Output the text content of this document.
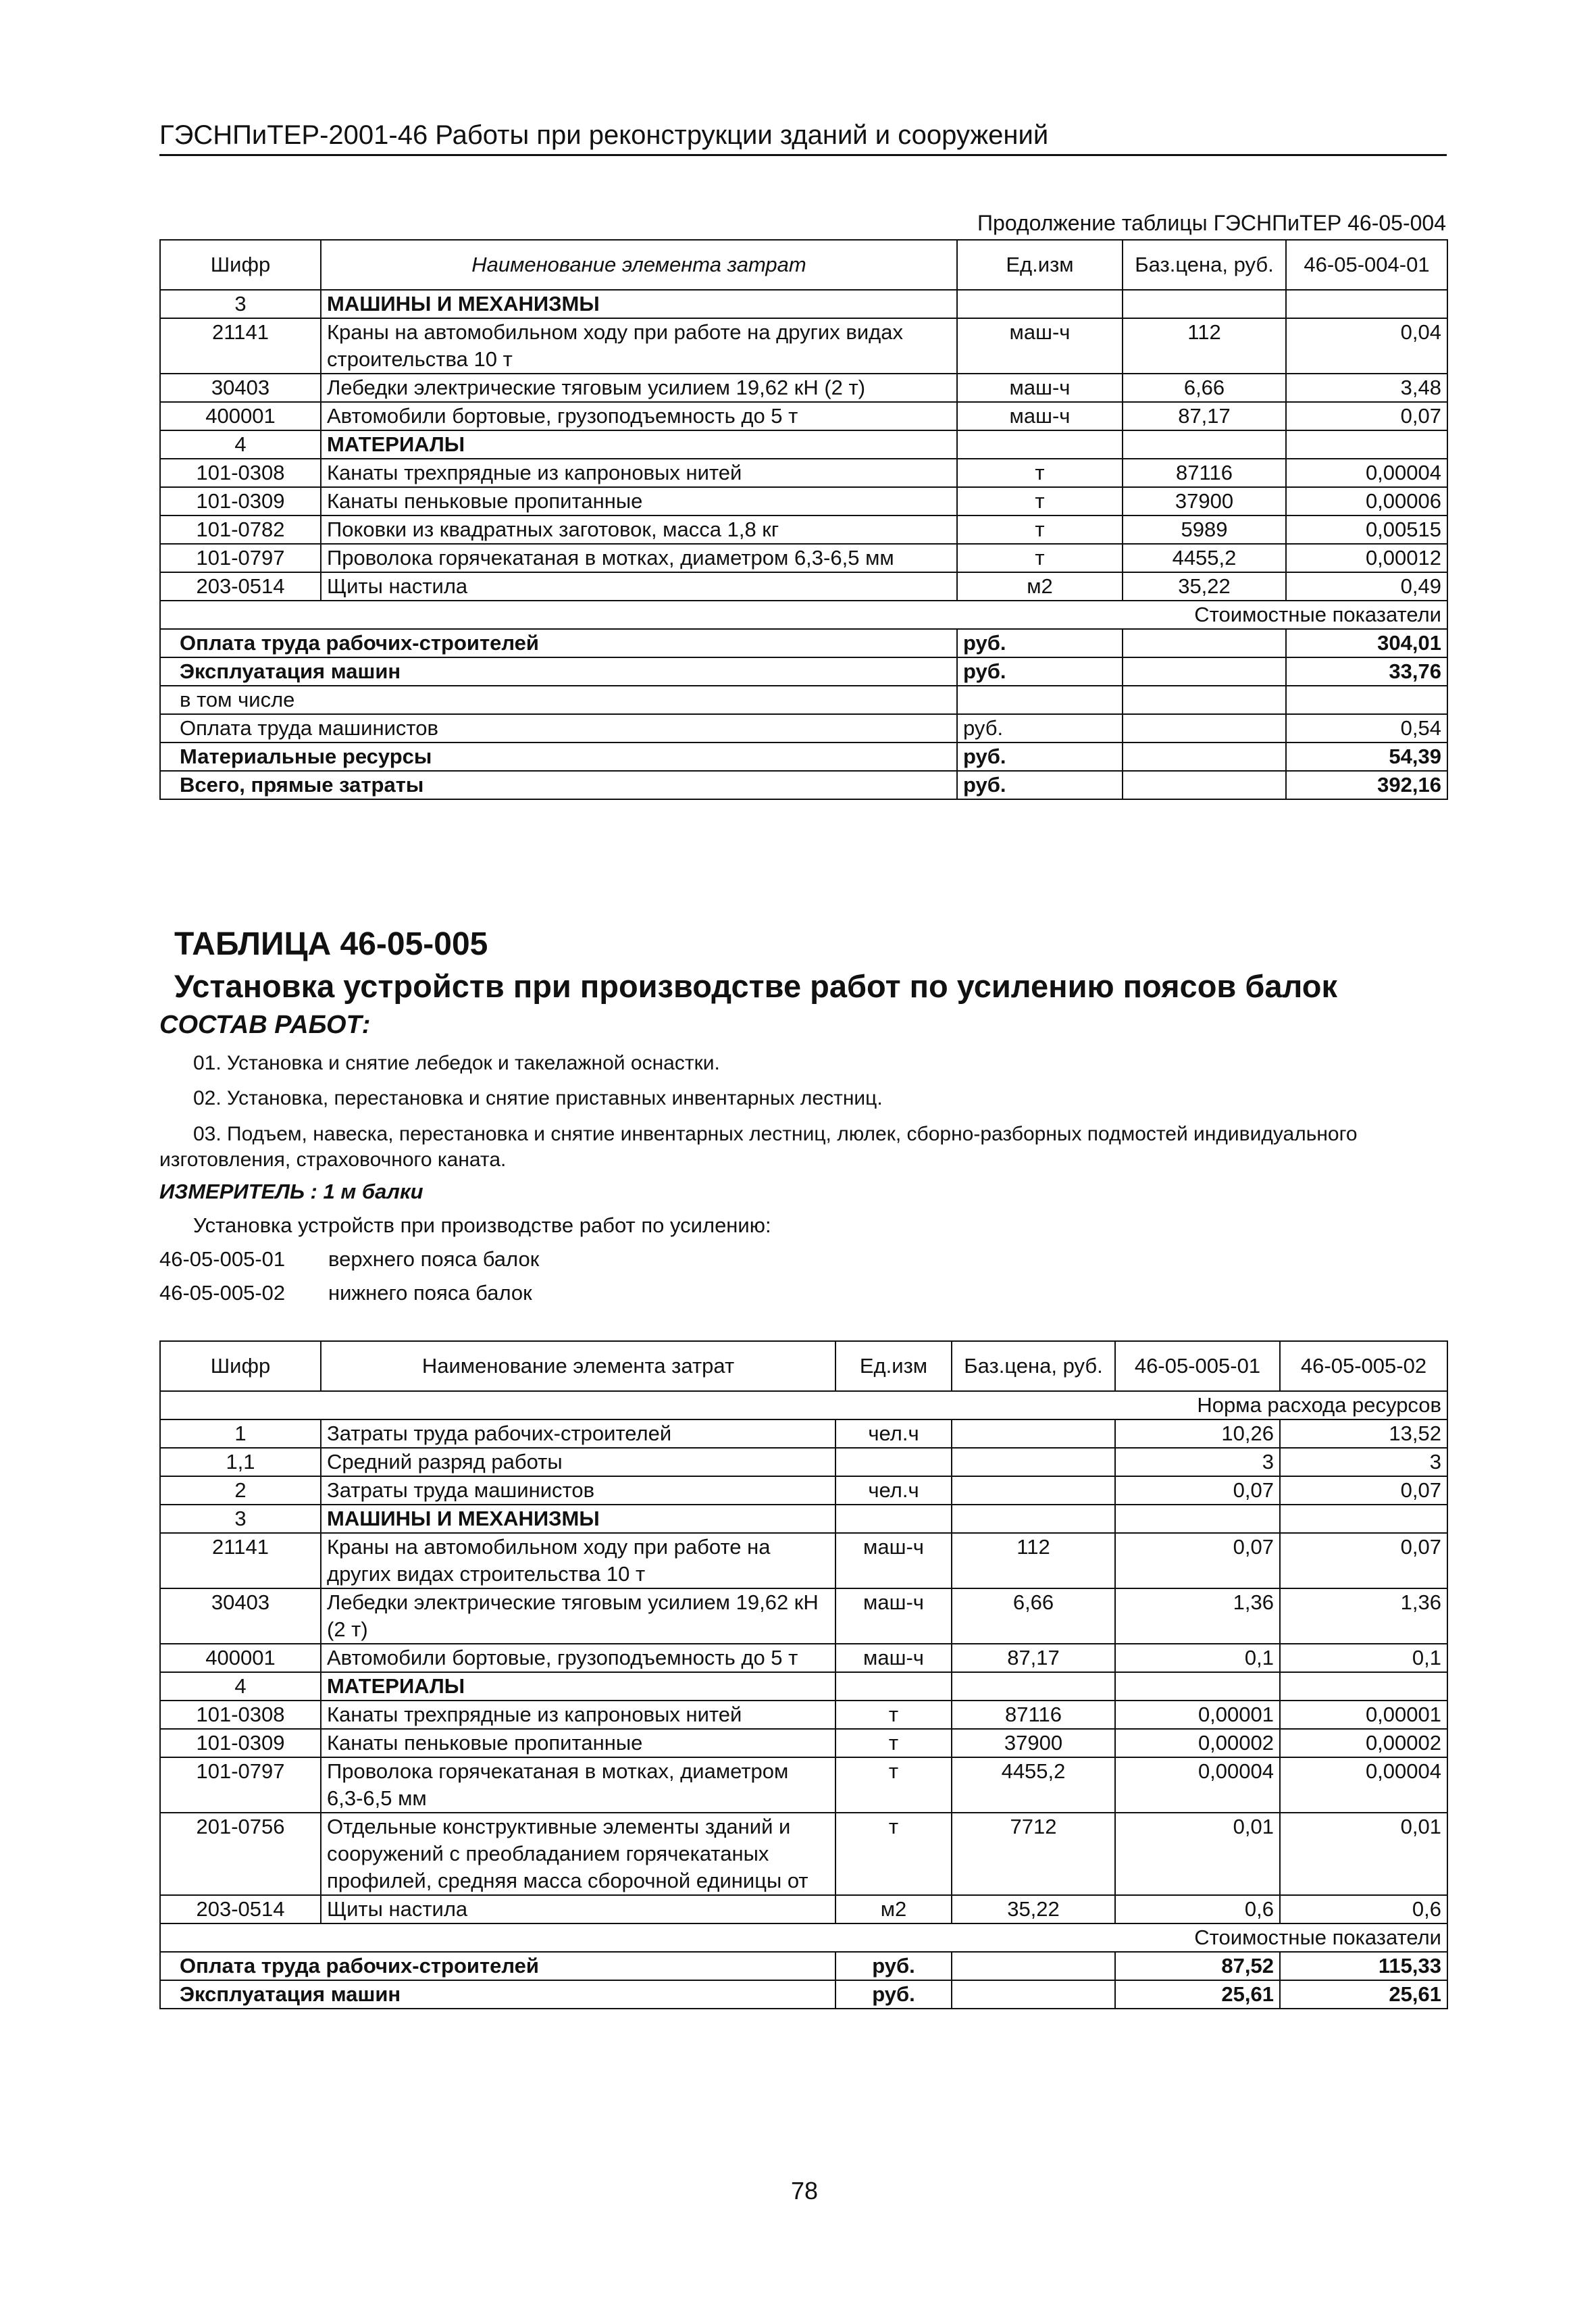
ГЭСНПиТЕР-2001-46 Работы при реконструкции зданий и сооружений
Продолжение таблицы ГЭСНПиТЕР 46-05-004
Шифр	Наименование элемента затрат	Ед.изм	Баз.цена, руб.	46-05-004-01
3	МАШИНЫ И МЕХАНИЗМЫ			
21141	Краны на автомобильном ходу при работе на других видах строительства 10 т	маш-ч	112	0,04
30403	Лебедки электрические тяговым усилием 19,62 кН (2 т)	маш-ч	6,66	3,48
400001	Автомобили бортовые, грузоподъемность до 5 т	маш-ч	87,17	0,07
4	МАТЕРИАЛЫ			
101-0308	Канаты трехпрядные из капроновых нитей	т	87116	0,00004
101-0309	Канаты пеньковые пропитанные	т	37900	0,00006
101-0782	Поковки из квадратных заготовок, масса 1,8 кг	т	5989	0,00515
101-0797	Проволока горячекатаная в мотках, диаметром 6,3-6,5 мм	т	4455,2	0,00012
203-0514	Щиты настила	м2	35,22	0,49
Стоимостные показатели				
Оплата труда рабочих-строителей		руб.		304,01
Эксплуатация машин		руб.		33,76
в том числе				
Оплата труда машинистов		руб.		0,54
Материальные ресурсы		руб.		54,39
Всего, прямые затраты		руб.		392,16
ТАБЛИЦА 46-05-005
Установка устройств при производстве работ по усилению поясов балок
СОСТАВ РАБОТ:
01. Установка и снятие лебедок и такелажной оснастки.
02. Установка, перестановка и снятие приставных инвентарных лестниц.
03. Подъем, навеска, перестановка и снятие инвентарных лестниц, люлек, сборно-разборных подмостей индивидуального
изготовления, страховочного каната.
ИЗМЕРИТЕЛЬ : 1 м балки
Установка устройств при производстве работ по усилению:
46-05-005-01 верхнего пояса балок
46-05-005-02 нижнего пояса балок
Шифр	Наименование элемента затрат	Ед.изм	Баз.цена, руб.	46-05-005-01	46-05-005-02
Норма расхода ресурсов					
1	Затраты труда рабочих-строителей	чел.ч		10,26	13,52
1,1	Средний разряд работы			3	3
2	Затраты труда машинистов	чел.ч		0,07	0,07
3	МАШИНЫ И МЕХАНИЗМЫ				
21141	Краны на автомобильном ходу при работе на других видах строительства 10 т	маш-ч	112	0,07	0,07
30403	Лебедки электрические тяговым усилием 19,62 кН (2 т)	маш-ч	6,66	1,36	1,36
400001	Автомобили бортовые, грузоподъемность до 5 т	маш-ч	87,17	0,1	0,1
4	МАТЕРИАЛЫ				
101-0308	Канаты трехпрядные из капроновых нитей	т	87116	0,00001	0,00001
101-0309	Канаты пеньковые пропитанные	т	37900	0,00002	0,00002
101-0797	Проволока горячекатаная в мотках, диаметром 6,3-6,5 мм	т	4455,2	0,00004	0,00004
201-0756	Отдельные конструктивные элементы зданий и сооружений с преобладанием горячекатаных профилей, средняя масса сборочной единицы от	т	7712	0,01	0,01
203-0514	Щиты настила	м2	35,22	0,6	0,6
Стоимостные показатели					
Оплата труда рабочих-строителей		руб.		87,52	115,33
Эксплуатация машин		руб.		25,61	25,61
78
